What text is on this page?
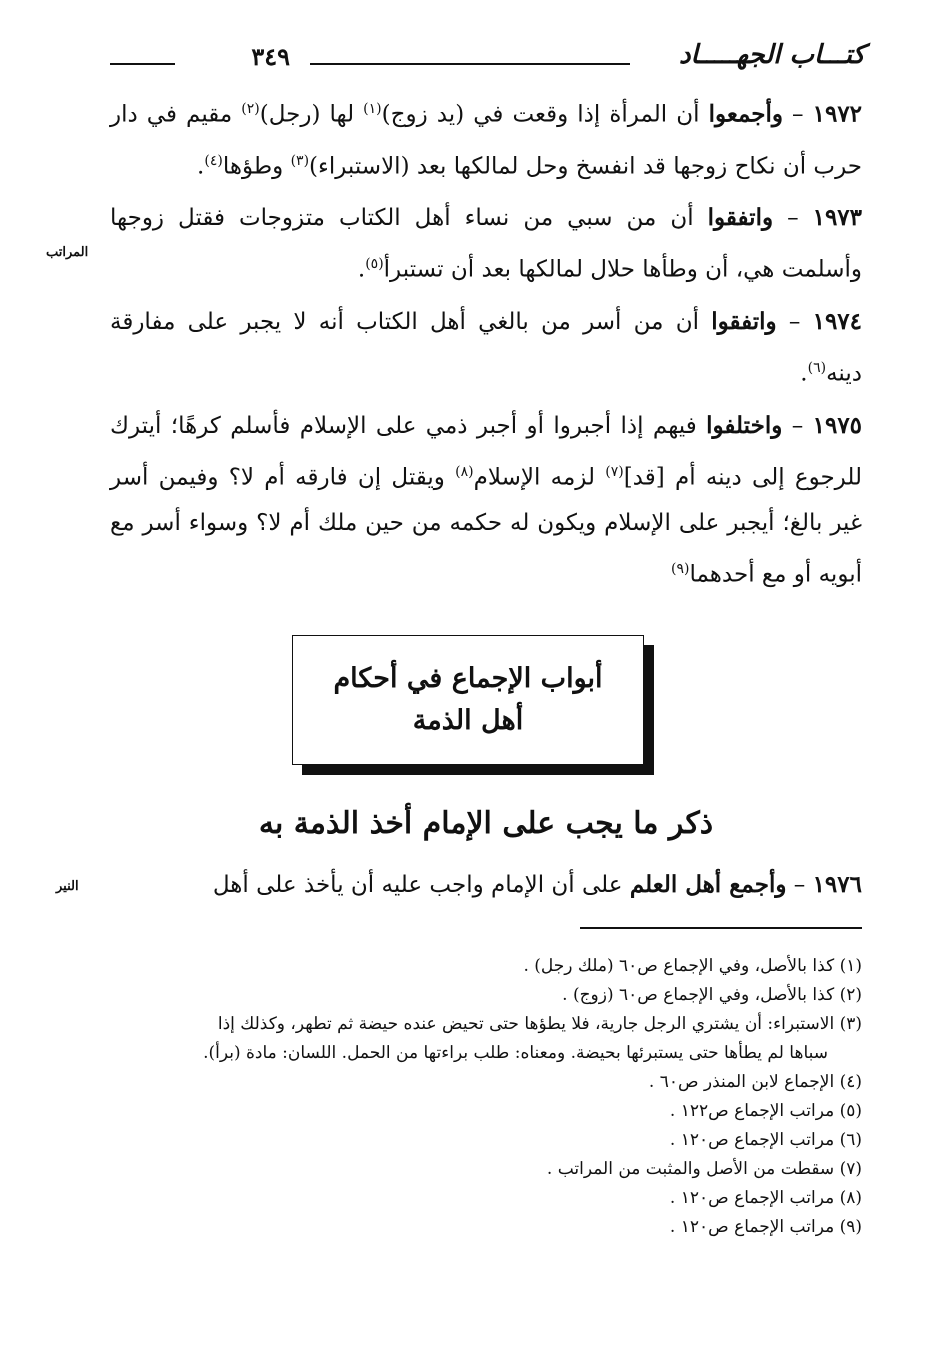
كتـــاب الجهـــــاد
٣٤٩

١٩٧٢ – وأجمعوا أن المرأة إذا وقعت في (يد زوج)$^{(١)}$ لها (رجل)$^{(٢)}$ مقيم في دار حرب أن نكاح زوجها قد انفسخ وحل لمالكها بعد (الاستبراء)$^{(٣)}$ وطؤها$^{(٤)}$.

١٩٧٣ – واتفقوا أن من سبي من نساء أهل الكتاب متزوجات فقتل زوجها وأسلمت هي، أن وطأها حلال لمالكها بعد أن تستبرأ$^{(٥)}$.

١٩٧٤ – واتفقوا أن من أسر من بالغي أهل الكتاب أنه لا يجبر على مفارقة دينه$^{(٦)}$.

١٩٧٥ – واختلفوا فيهم إذا أجبروا أو أجبر ذمي على الإسلام فأسلم كرهًا؛ أيترك للرجوع إلى دينه أم [قد]$^{(٧)}$ لزمه الإسلام$^{(٨)}$ ويقتل إن فارقه أم لا؟ وفيمن أسر غير بالغ؛ أيجبر على الإسلام ويكون له حكمه من حين ملك أم لا؟ وسواء أسر مع أبويه أو مع أحدهما$^{(٩)}$

المراتب
النير
أبواب الإجماع في أحكام أهل الذمة
ذكر ما يجب على الإمام أخذ الذمة به
١٩٧٦ – وأجمع أهل العلم على أن الإمام واجب عليه أن يأخذ على أهل
(١) كذا بالأصل، وفي الإجماع ص٦٠ (ملك رجل) .
(٢) كذا بالأصل، وفي الإجماع ص٦٠ (زوج) .
(٣) الاستبراء: أن يشتري الرجل جارية، فلا يطؤها حتى تحيض عنده حيضة ثم تطهر، وكذلك إذا
سباها لم يطأها حتى يستبرئها بحيضة. ومعناه: طلب براءتها من الحمل. اللسان: مادة (برأ).
(٤) الإجماع لابن المنذر ص٦٠ .
(٥) مراتب الإجماع ص١٢٢ .
(٦) مراتب الإجماع ص١٢٠ .
(٧) سقطت من الأصل والمثبت من المراتب .
(٨) مراتب الإجماع ص١٢٠ .
(٩) مراتب الإجماع ص١٢٠ .
